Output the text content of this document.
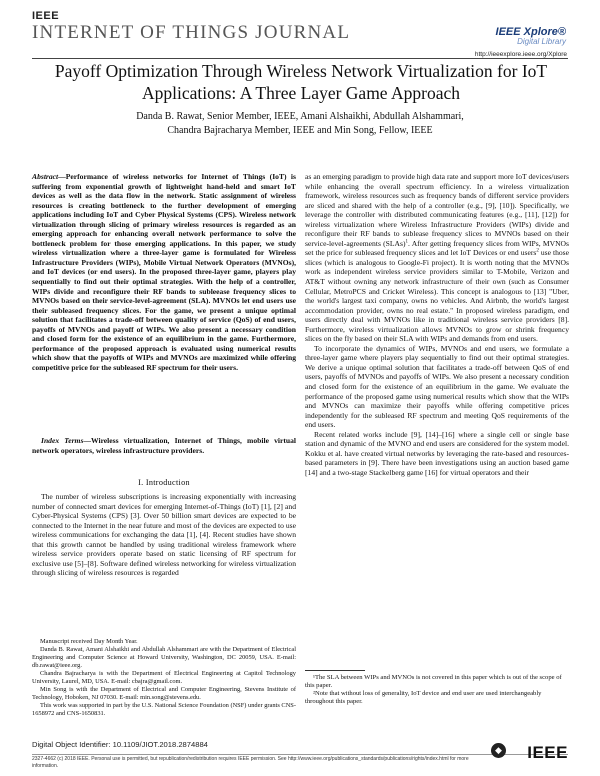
IEEE
INTERNET OF THINGS JOURNAL	IEEE Xplore®
Digital Library
http://ieeexplore.ieee.org/Xplore
Payoff Optimization Through Wireless Network Virtualization for IoT Applications: A Three Layer Game Approach
Danda B. Rawat, Senior Member, IEEE, Amani Alshaikhi, Abdullah Alshammari,
Chandra Bajracharya Member, IEEE and Min Song, Fellow, IEEE
Abstract—Performance of wireless networks for Internet of Things (IoT) is suffering from exponential growth of lightweight hand-held and smart IoT devices as well as the data flow in the network. Static assignment of wireless resources is creating bottleneck to the further development of emerging applications including IoT and Cyber Physical Systems (CPS). Wireless network virtualization through slicing of primary wireless resources is regarded as an emerging approach for enhancing overall network performance to solve the bottleneck problem for those emerging applications. In this paper, we study wireless virtualization where a three-layer game is formulated for Wireless Infrastructure Providers (WIPs), Mobile Virtual Network Operators (MVNOs), and IoT devices (or end users). In the proposed three-layer game, players play sequentially to find out their optimal strategies. With the help of a controller, WIPs divide and reconfigure their RF bands to subleease frequency slices to MVNOs based on their service-level-agreement (SLA). MVNOs let end users use their subleased frequency slices. For the game, we present a unique optimal solution that facilitates a trade-off between quality of service (QoS) of end users, payoffs of MVNOs and payoff of WIPs. We also present a necessary condition and closed form for the existence of an equilibrium in the game. Furthermore, performance of the proposed approach is evaluated using numerical results which show that the payoffs of WIPs and MVNOs are maximized while offering competitive price for the subleased RF spectrum for their users.
Index Terms—Wireless virtualization, Internet of Things, mobile virtual network operators, wireless infrastructure providers.
I. Introduction

The number of wireless subscriptions is increasing exponentially with increasing number of connected smart devices for emerging Internet-of-Things (IoT) [1], [2] and Cyber-Physical Systems (CPS) [3]. Over 50 billion smart devices are expected to be connected to the Internet in the near future and most of the devices are expected to use wireless communications for exchanging the data [1], [4]. Recent studies have shown that this growth cannot be handled by using traditional wireless framework where wireless service providers operate based on static licensing of RF spectrum for exclusive use [5]–[8]. Software defined wireless networking for wireless virtualization through slicing of wireless resources is regarded

Manuscript received Day Month Year.

Danda B. Rawat, Amani Alshaikhi and Abdullah Alshammari are with the Department of Electrical Engineering and Computer Science at Howard University, Washington, DC 20059, USA. E-mail: db.rawat@ieee.org.

Chandra Bajracharya is with the Department of Electrical Engineering at Capitol Technology University, Laurel, MD, USA. E-mail: cbajra@gmail.com.

Min Song is with the Department of Electrical and Computer Engineering, Stevens Institute of Technology, Hoboken, NJ 07030. E-mail: min.song@stevens.edu.

This work was supported in part by the U.S. National Science Foundation (NSF) under grants CNS-1658972 and CNS-1650831.

Digital Object Identifier: 10.1109/JIOT.2018.2874884

as an emerging paradigm to provide high data rate and support more IoT devices/users while enhancing the overall spectrum efficiency. In a wireless virtualization framework, wireless resources such as frequency bands of different service providers are sliced and shared with the help of a controller (e.g., [9], [10]). Specifically, we leverage the controller with distributed communicating features (e.g., [11], [12]) for wireless virtualization where Wireless Infrastructure Providers (WIPs) divide and reconfigure their RF bands to sublease frequency slices to MVNOs based on their service-level-agreements (SLAs)$^1$. After getting frequency slices from WIPs, MVNOs set the price for subleased frequency slices and let IoT Devices or end users$^2$ use those slices (which is analogous to Google-Fi project). It is worth noting that the MVNOs work as independent wireless service providers similar to T-Mobile, Verizon and AT&T without owning any network infrastructure of their own (such as Consumer Cellular, MetroPCS and Cricket Wireless). This concept is analogous to [13] "Uber, the world's largest taxi company, owns no vehicles. And Airbnb, the world's largest accommodation provider, owns no real estate." In proposed wireless paradigm, end users directly deal with MVNOs like in traditional wireless service providers [8]. Furthermore, wireless virtualization allows MVNOs to grow or shrink frequency slices on the fly based on their SLA with WIPs and demands from end users.

To incorporate the dynamics of WIPs, MVNOs and end users, we formulate a three-layer game where players play sequentially to find out their optimal strategies. We derive a unique optimal solution that facilitates a trade-off between QoS of end users, payoffs of MVNOs and payoffs of WIPs. We also present a necessary condition and closed form for the existence of an equilibrium in the game. We evaluate the performance of the proposed game using numerical results which show that the WIPs and MVNOs can maximize their payoffs while offering competitive prices independently for the subleased RF spectrum and meeting QoS requirements of the end users.

Recent related works include [9], [14]–[16] where a single cell or single base station and dynamic of the MVNO and end users are considered for the system model. Kokku et al. have created virtual networks by leveraging the rate-based and resources-based parameters in [9]. There have been investigations using an auction based game [14] and a two-stage Stackelberg game [16] for virtual operators and their

¹The SLA between WIPs and MVNOs is not covered in this paper which is out of the scope of this paper.

²Note that without loss of generality, IoT device and end user are used interchangeably throughout this paper.

2327-4662 (c) 2018 IEEE. Personal use is permitted, but republication/redistribution requires IEEE permission. See http://www.ieee.org/publications_standards/publications/rights/index.html for more information.
◆ IEEE
